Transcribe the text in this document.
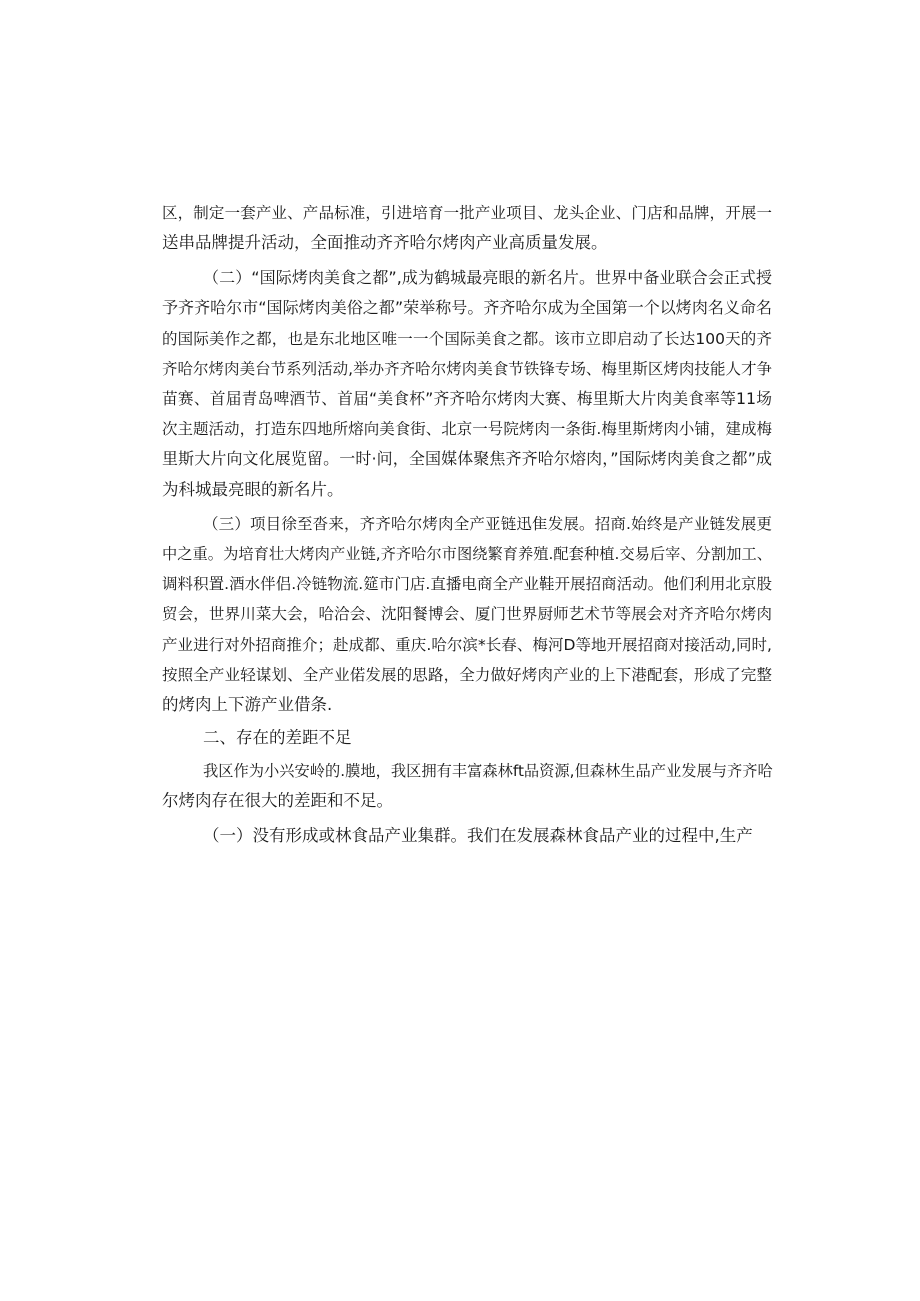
区，制定一套产业、产品标准，引进培育一批产业项目、龙头企业、门店和品牌，开展一
送串品牌提升活动，全面推动齐齐哈尔烤肉产业高质量发展。
（二）“国际烤肉美食之都”,成为鹤城最亮眼的新名片。世界中备业联合会正式授
予齐齐哈尔市“国际烤肉美俗之都”荣举称号。齐齐哈尔成为全国第一个以烤肉名义命名
的国际美作之都，也是东北地区唯一一个国际美食之都。该市立即启动了长达100天的齐
齐哈尔烤肉美台节系列活动,举办齐齐哈尔烤肉美食节铁锋专场、梅里斯区烤肉技能人才争
苗赛、首届青岛啤酒节、首届“美食杯”齐齐哈尔烤肉大赛、梅里斯大片肉美食率等11场
次主题活动，打造东四地所熔向美食街、北京一号院烤肉一条街.梅里斯烤肉小铺，建成梅
里斯大片向文化展览留。一时·问，全国媒体聚焦齐齐哈尔熔肉，”国际烤肉美食之都”成
为科城最亮眼的新名片。
（三）项目徐至沓来，齐齐哈尔烤肉全产亚链迅隹发展。招商.始终是产业链发展更
中之重。为培育壮大烤肉产业链,齐齐哈尔市图绕繁育养殖.配套种植.交易后宰、分割加工、
调料积置.酒水伴侣.冷链物流.筵市门店.直播电商全产业鞋开展招商活动。他们利用北京股
贸会，世界川菜大会，哈洽会、沈阳餐博会、厦门世界厨师艺术节等展会对齐齐哈尔烤肉
产业进行对外招商推介；赴成都、重庆.哈尔滨*长春、梅河D等地开展招商对接活动,同时,
按照全产业轻谋划、全产业偌发展的思路，全力做好烤肉产业的上下港配套，形成了完整
的烤肉上下游产业借条.
二、存在的差距不足
我区作为小兴安岭的.膜地，我区拥有丰富森林ft品资源,但森林生品产业发展与齐齐哈
尔烤肉存在很大的差距和不足。
（一）没有形成或林食品产业集群。我们在发展森林食品产业的过程中,生产
